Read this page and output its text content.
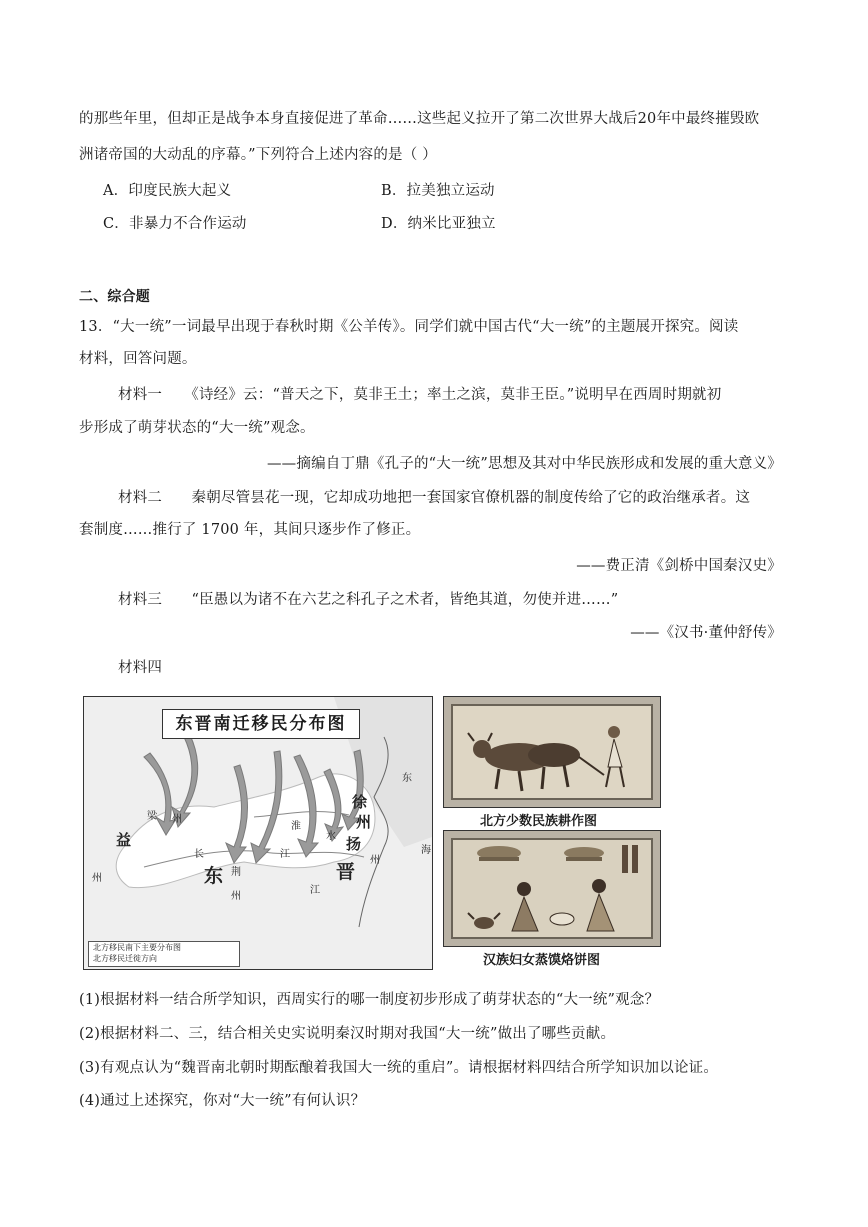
的那些年里，但却正是战争本身直接促进了革命……这些起义拉开了第二次世界大战后20年中最终摧毁欧
洲诸帝国的大动乱的序幕。”下列符合上述内容的是（ ）
A．印度民族大起义	B．拉美独立运动
C．非暴力不合作运动	D．纳米比亚独立
二、综合题
13．“大一统”一词最早出现于春秋时期《公羊传》。同学们就中国古代“大一统”的主题展开探究。阅读
材料，回答问题。
材料一　　《诗经》云：“普天之下，莫非王土；率土之滨，莫非王臣。”说明早在西周时期就初
步形成了萌芽状态的“大一统”观念。
——摘编自丁鼎《孔子的“大一统”思想及其对中华民族形成和发展的重大意义》
材料二　　秦朝尽管昙花一现，它却成功地把一套国家官僚机器的制度传给了它的政治继承者。这
套制度……推行了 1700 年，其间只逐步作了修正。
——费正清《剑桥中国秦汉史》
材料三　　“臣愚以为诸不在六艺之科孔子之术者，皆绝其道，勿使并进……”
——《汉书·董仲舒传》
材料四
东晋南迁移民分布图
梁 州
益
州
长
东 荆
州
淮
江
水
徐
州
扬
州
江
晋
东
海
北方移民南下主要分布图
北方移民迁徙方向
北方少数民族耕作图
汉族妇女蒸馍烙饼图
(1)根据材料一结合所学知识，西周实行的哪一制度初步形成了萌芽状态的“大一统”观念？
(2)根据材料二、三，结合相关史实说明秦汉时期对我国“大一统”做出了哪些贡献。
(3)有观点认为“魏晋南北朝时期酝酿着我国大一统的重启”。请根据材料四结合所学知识加以论证。
(4)通过上述探究，你对“大一统”有何认识？
